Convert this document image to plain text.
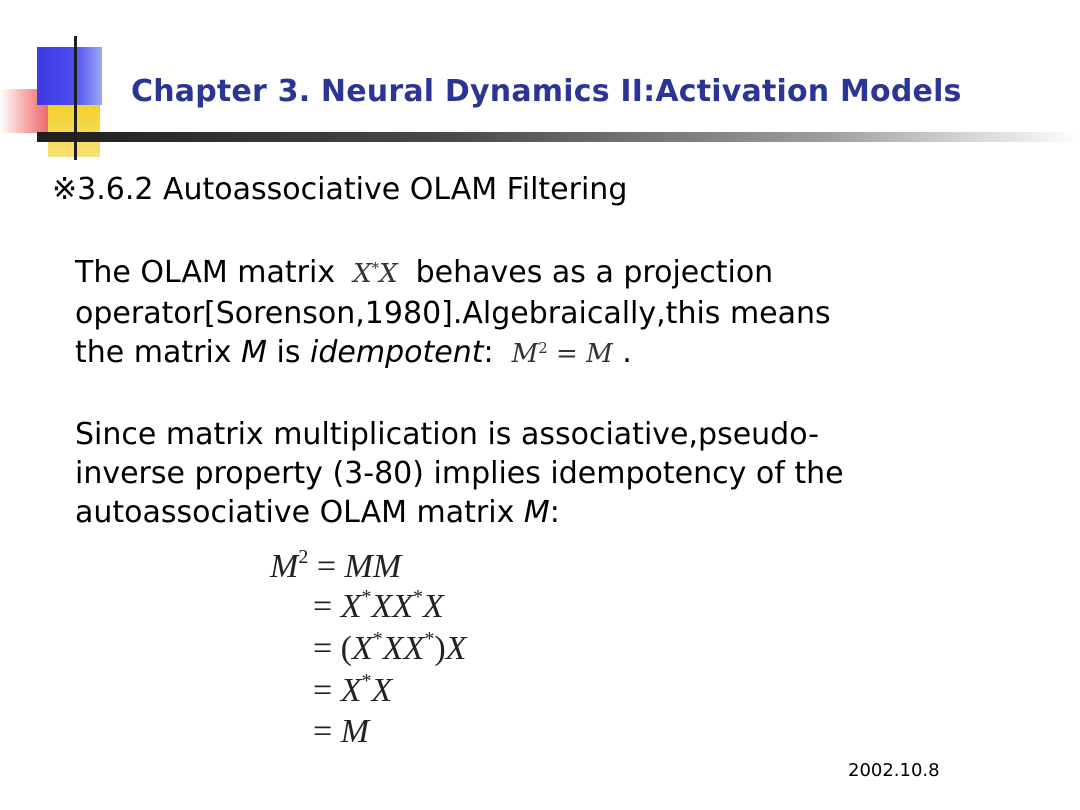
Chapter 3. Neural Dynamics II:Activation Models
※3.6.2 Autoassociative OLAM Filtering
The OLAM matrix X*X behaves as a projection
operator[Sorenson,1980].Algebraically,this means
the matrix M is idempotent: $M^2 = M$ .
Since matrix multiplication is associative,pseudo-
inverse property (3-80) implies idempotency of the
autoassociative OLAM matrix M:
$M^2$ = MM
= X*XX*X
= (X*XX*)X
= X*X
= M
2002.10.8
